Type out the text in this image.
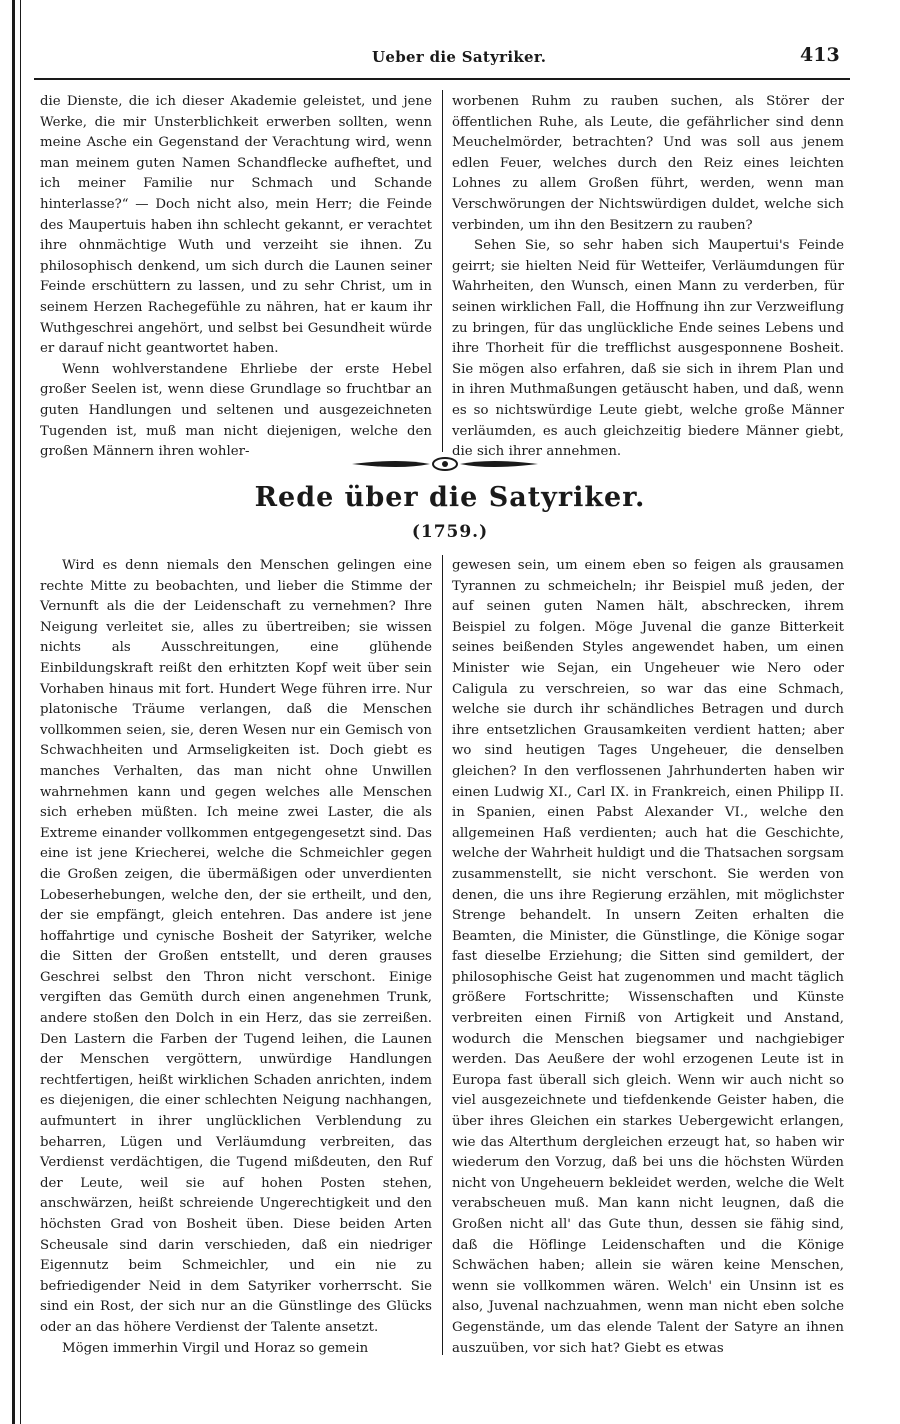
Ueber die Satyriker.	413

die Dienste, die ich dieser Akademie geleistet, und jene Werke, die mir Unsterblichkeit erwerben sollten, wenn meine Asche ein Gegenstand der Verachtung wird, wenn man meinem guten Namen Schandflecke aufheftet, und ich meiner Familie nur Schmach und Schande hinterlasse?“ — Doch nicht also, mein Herr; die Feinde des Maupertuis haben ihn schlecht gekannt, er verachtet ihre ohnmächtige Wuth und verzeiht sie ihnen. Zu philosophisch denkend, um sich durch die Launen seiner Feinde erschüttern zu lassen, und zu sehr Christ, um in seinem Herzen Rachegefühle zu nähren, hat er kaum ihr Wuthgeschrei angehört, und selbst bei Gesundheit würde er darauf nicht geantwortet haben.

Wenn wohlverstandene Ehrliebe der erste Hebel großer Seelen ist, wenn diese Grundlage so fruchtbar an guten Handlungen und seltenen und ausgezeichneten Tugenden ist, muß man nicht diejenigen, welche den großen Männern ihren wohler-

worbenen Ruhm zu rauben suchen, als Störer der öffentlichen Ruhe, als Leute, die gefährlicher sind denn Meuchelmörder, betrachten? Und was soll aus jenem edlen Feuer, welches durch den Reiz eines leichten Lohnes zu allem Großen führt, werden, wenn man Verschwörungen der Nichtswürdigen duldet, welche sich verbinden, um ihn den Besitzern zu rauben?

Sehen Sie, so sehr haben sich Maupertui's Feinde geirrt; sie hielten Neid für Wetteifer, Verläumdungen für Wahrheiten, den Wunsch, einen Mann zu verderben, für seinen wirklichen Fall, die Hoffnung ihn zur Verzweiflung zu bringen, für das unglückliche Ende seines Lebens und ihre Thorheit für die trefflichst ausgesponnene Bosheit. Sie mögen also erfahren, daß sie sich in ihrem Plan und in ihren Muthmaßungen getäuscht haben, und daß, wenn es so nichtswürdige Leute giebt, welche große Männer verläumden, es auch gleichzeitig biedere Männer giebt, die sich ihrer annehmen.

Rede über die Satyriker.
(1759.)

Wird es denn niemals den Menschen gelingen eine rechte Mitte zu beobachten, und lieber die Stimme der Vernunft als die der Leidenschaft zu vernehmen? Ihre Neigung verleitet sie, alles zu übertreiben; sie wissen nichts als Ausschreitungen, eine glühende Einbildungskraft reißt den erhitzten Kopf weit über sein Vorhaben hinaus mit fort. Hundert Wege führen irre. Nur platonische Träume verlangen, daß die Menschen vollkommen seien, sie, deren Wesen nur ein Gemisch von Schwachheiten und Armseligkeiten ist. Doch giebt es manches Verhalten, das man nicht ohne Unwillen wahrnehmen kann und gegen welches alle Menschen sich erheben müßten. Ich meine zwei Laster, die als Extreme einander vollkommen entgegengesetzt sind. Das eine ist jene Kriecherei, welche die Schmeichler gegen die Großen zeigen, die übermäßigen oder unverdienten Lobeserhebungen, welche den, der sie ertheilt, und den, der sie empfängt, gleich entehren. Das andere ist jene hoffahrtige und cynische Bosheit der Satyriker, welche die Sitten der Großen entstellt, und deren grauses Geschrei selbst den Thron nicht verschont. Einige vergiften das Gemüth durch einen angenehmen Trunk, andere stoßen den Dolch in ein Herz, das sie zerreißen. Den Lastern die Farben der Tugend leihen, die Launen der Menschen vergöttern, unwürdige Handlungen rechtfertigen, heißt wirklichen Schaden anrichten, indem es diejenigen, die einer schlechten Neigung nachhangen, aufmuntert in ihrer unglücklichen Verblendung zu beharren, Lügen und Verläumdung verbreiten, das Verdienst verdächtigen, die Tugend mißdeuten, den Ruf der Leute, weil sie auf hohen Posten stehen, anschwärzen, heißt schreiende Ungerechtigkeit und den höchsten Grad von Bosheit üben. Diese beiden Arten Scheusale sind darin verschieden, daß ein niedriger Eigennutz beim Schmeichler, und ein nie zu befriedigender Neid in dem Satyriker vorherrscht. Sie sind ein Rost, der sich nur an die Günstlinge des Glücks oder an das höhere Verdienst der Talente ansetzt.

Mögen immerhin Virgil und Horaz so gemein

gewesen sein, um einem eben so feigen als grausamen Tyrannen zu schmeicheln; ihr Beispiel muß jeden, der auf seinen guten Namen hält, abschrecken, ihrem Beispiel zu folgen. Möge Juvenal die ganze Bitterkeit seines beißenden Styles angewendet haben, um einen Minister wie Sejan, ein Ungeheuer wie Nero oder Caligula zu verschreien, so war das eine Schmach, welche sie durch ihr schändliches Betragen und durch ihre entsetzlichen Grausamkeiten verdient hatten; aber wo sind heutigen Tages Ungeheuer, die denselben gleichen? In den verflossenen Jahrhunderten haben wir einen Ludwig XI., Carl IX. in Frankreich, einen Philipp II. in Spanien, einen Pabst Alexander VI., welche den allgemeinen Haß verdienten; auch hat die Geschichte, welche der Wahrheit huldigt und die Thatsachen sorgsam zusammenstellt, sie nicht verschont. Sie werden von denen, die uns ihre Regierung erzählen, mit möglichster Strenge behandelt. In unsern Zeiten erhalten die Beamten, die Minister, die Günstlinge, die Könige sogar fast dieselbe Erziehung; die Sitten sind gemildert, der philosophische Geist hat zugenommen und macht täglich größere Fortschritte; Wissenschaften und Künste verbreiten einen Firniß von Artigkeit und Anstand, wodurch die Menschen biegsamer und nachgiebiger werden. Das Aeußere der wohl erzogenen Leute ist in Europa fast überall sich gleich. Wenn wir auch nicht so viel ausgezeichnete und tiefdenkende Geister haben, die über ihres Gleichen ein starkes Uebergewicht erlangen, wie das Alterthum dergleichen erzeugt hat, so haben wir wiederum den Vorzug, daß bei uns die höchsten Würden nicht von Ungeheuern bekleidet werden, welche die Welt verabscheuen muß. Man kann nicht leugnen, daß die Großen nicht all' das Gute thun, dessen sie fähig sind, daß die Höflinge Leidenschaften und die Könige Schwächen haben; allein sie wären keine Menschen, wenn sie vollkommen wären. Welch' ein Unsinn ist es also, Juvenal nachzuahmen, wenn man nicht eben solche Gegenstände, um das elende Talent der Satyre an ihnen auszuüben, vor sich hat? Giebt es etwas
